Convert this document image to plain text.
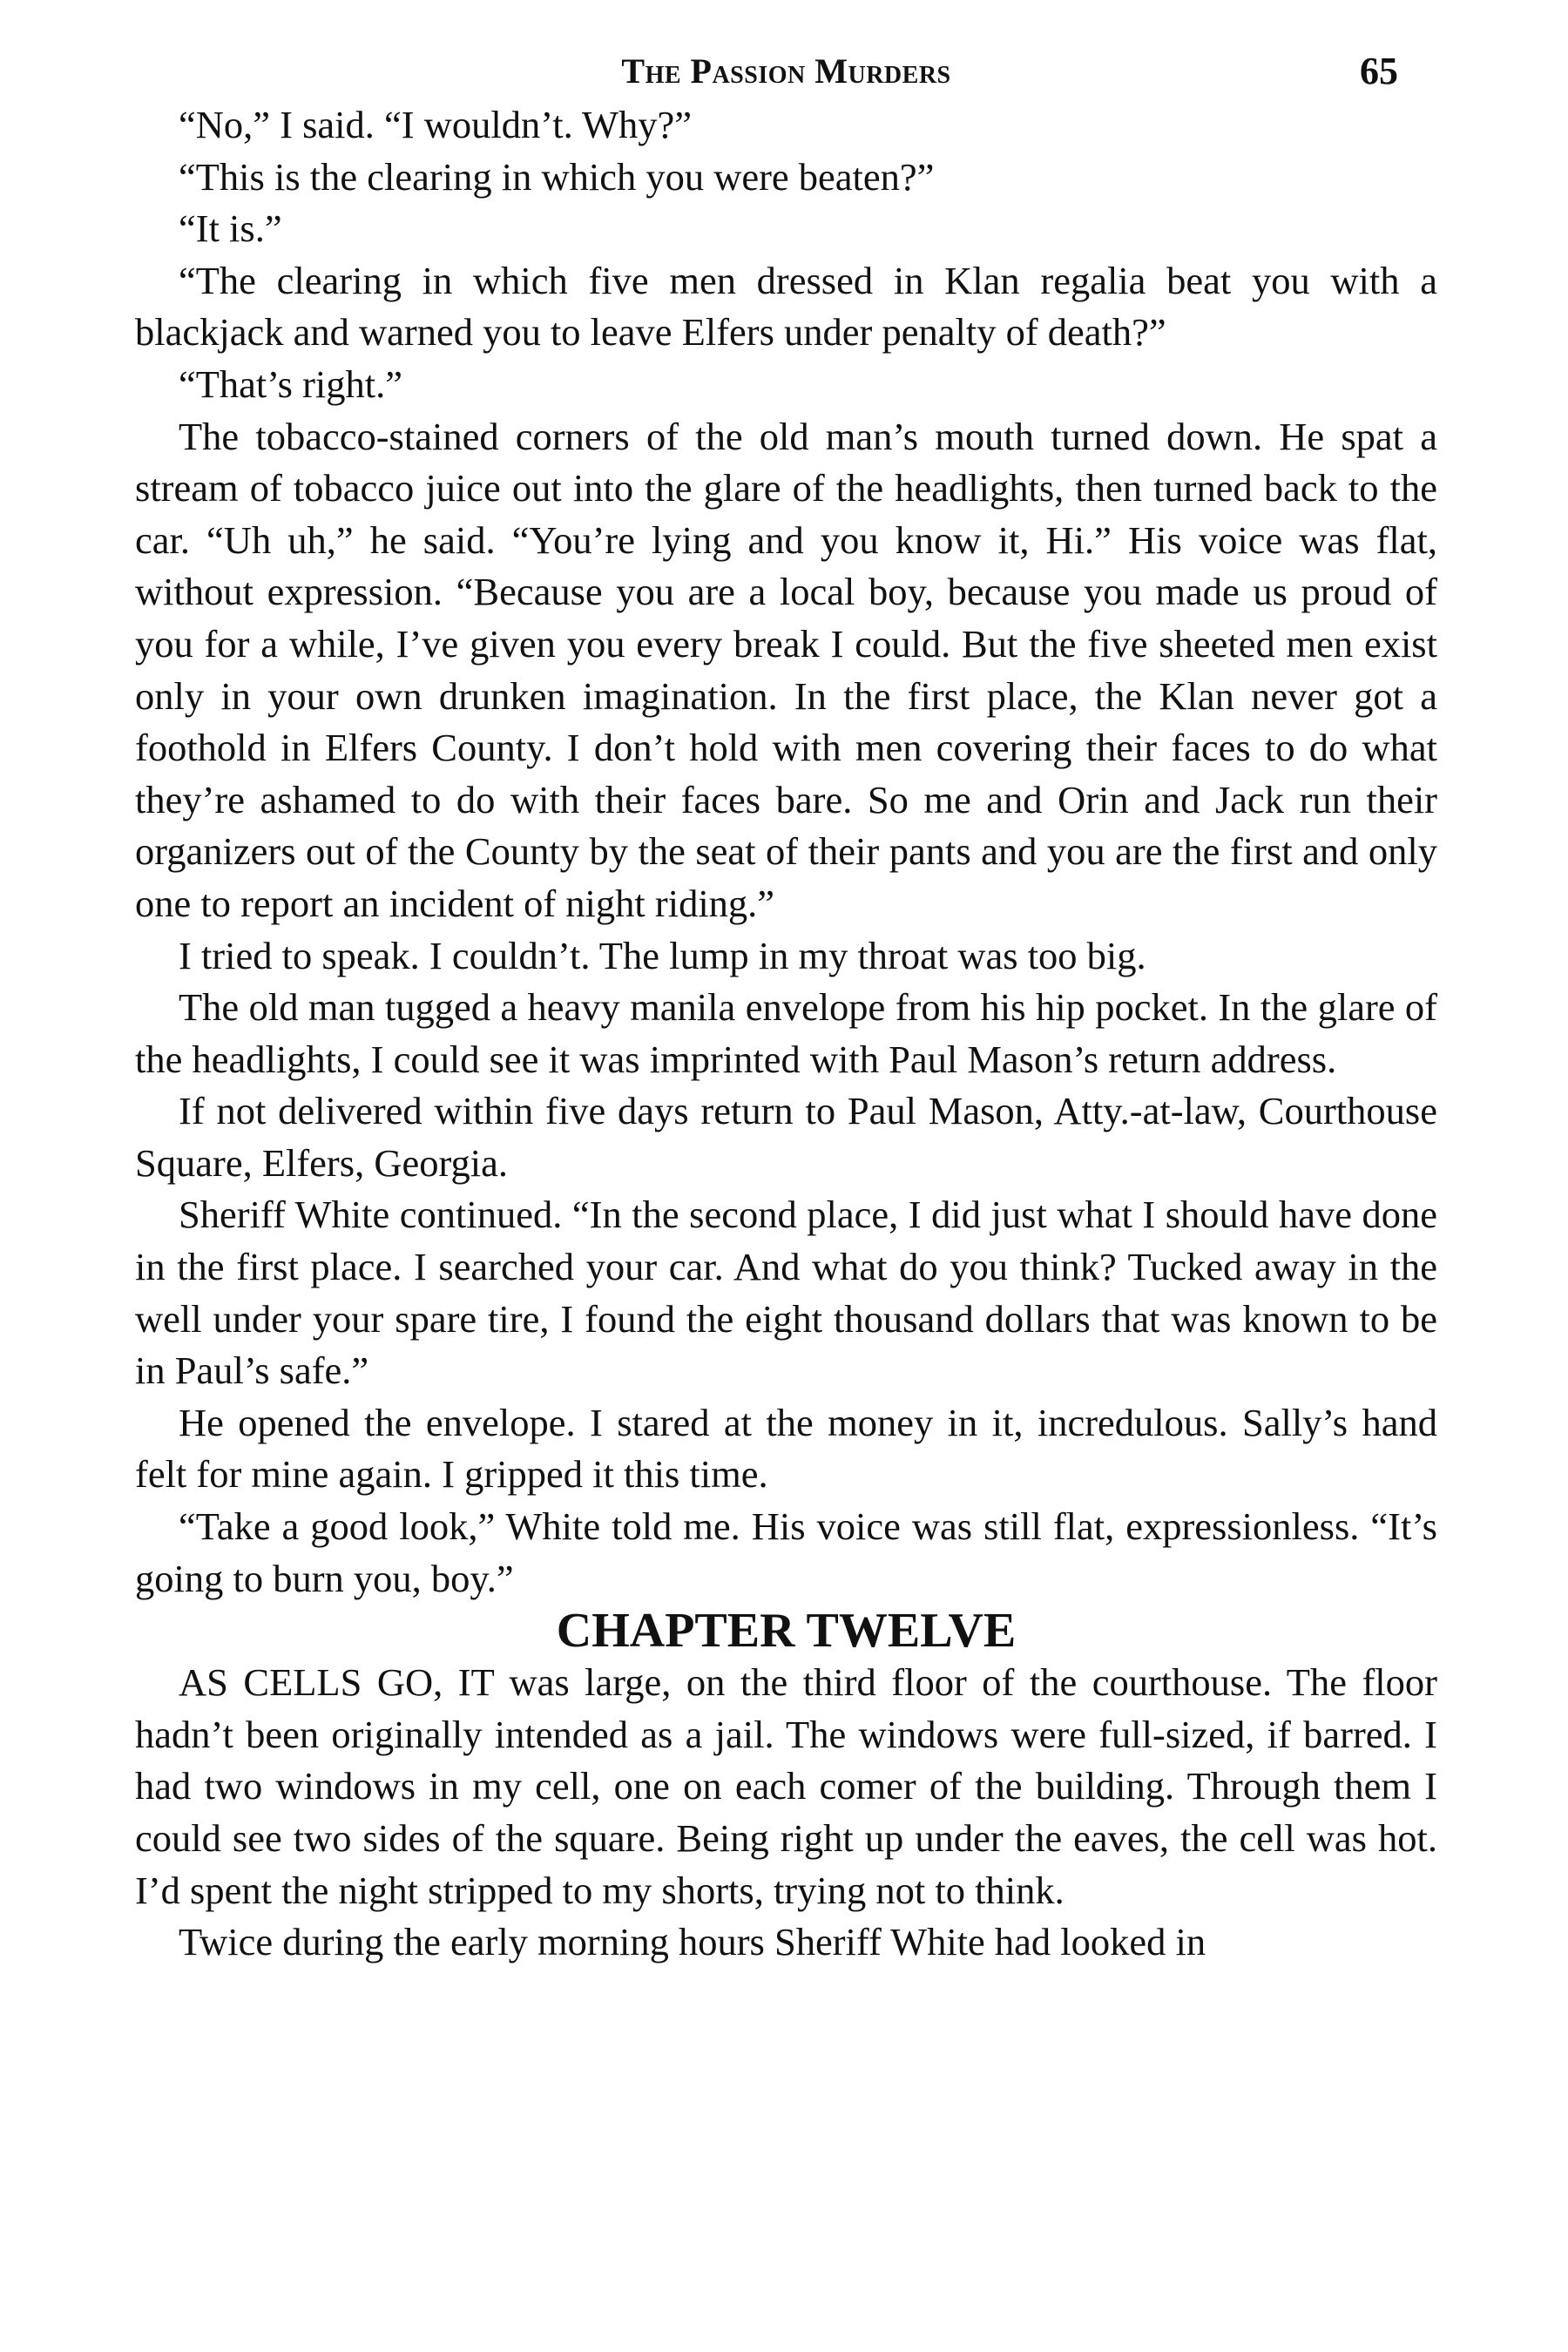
The Passion Murders	65

“No,” I said. “I wouldn’t. Why?”

“This is the clearing in which you were beaten?”

“It is.”

“The clearing in which five men dressed in Klan regalia beat you with a blackjack and warned you to leave Elfers under penalty of death?”

“That’s right.”

The tobacco-stained corners of the old man’s mouth turned down. He spat a stream of tobacco juice out into the glare of the headlights, then turned back to the car. “Uh uh,” he said. “You’re lying and you know it, Hi.” His voice was flat, without expression. “Because you are a local boy, because you made us proud of you for a while, I’ve given you every break I could. But the five sheeted men exist only in your own drunken imagination. In the first place, the Klan never got a foothold in Elfers County. I don’t hold with men covering their faces to do what they’re ashamed to do with their faces bare. So me and Orin and Jack run their organizers out of the County by the seat of their pants and you are the first and only one to report an incident of night riding.”

I tried to speak. I couldn’t. The lump in my throat was too big.

The old man tugged a heavy manila envelope from his hip pocket. In the glare of the headlights, I could see it was imprinted with Paul Mason’s return address.

If not delivered within five days return to Paul Mason, Atty.-at-law, Courthouse Square, Elfers, Georgia.

Sheriff White continued. “In the second place, I did just what I should have done in the first place. I searched your car. And what do you think? Tucked away in the well under your spare tire, I found the eight thousand dollars that was known to be in Paul’s safe.”

He opened the envelope. I stared at the money in it, incredulous. Sally’s hand felt for mine again. I gripped it this time.

“Take a good look,” White told me. His voice was still flat, expressionless. “It’s going to burn you, boy.”

CHAPTER TWELVE

AS CELLS GO, IT was large, on the third floor of the courthouse. The floor hadn’t been originally intended as a jail. The windows were full-sized, if barred. I had two windows in my cell, one on each comer of the building. Through them I could see two sides of the square. Being right up under the eaves, the cell was hot. I’d spent the night stripped to my shorts, trying not to think.

Twice during the early morning hours Sheriff White had looked in
